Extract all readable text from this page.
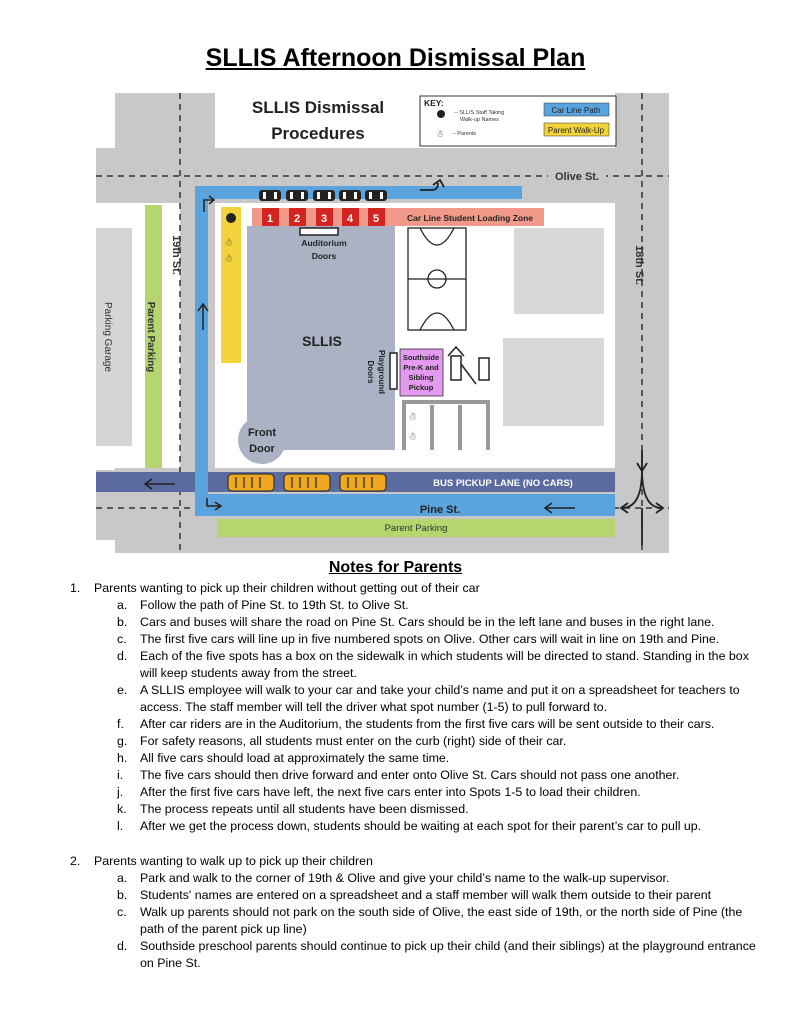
SLLIS Afternoon Dismissal Plan
Parking Garage	Parent Parking
Parent Parking
BUS PICKUP LANE (NO CARS)
Olive St.
19th St.	18th St.
Pine St.
SLLIS Dismissal
Procedures
KEY:
-- SLLIS Staff Taking
Walk-up Names
☃ -- Parents
Car Line Path
Parent Walk-Up
Car Line Student Loading Zone
1 2 3 4 5
Front
Door
SLLIS
Auditorium
Doors
Playground
Doors
☃
☃
Southside
Pre-K and
Sibling
Pickup
☃
☃
Notes for Parents
1. Parents wanting to pick up their children without getting out of their car
a. Follow the path of Pine St. to 19th St. to Olive St.
b. Cars and buses will share the road on Pine St. Cars should be in the left lane and buses in the right lane.
c. The first five cars will line up in five numbered spots on Olive. Other cars will wait in line on 19th and Pine.
d. Each of the five spots has a box on the sidewalk in which students will be directed to stand. Standing in the box will keep students away from the street.
e. A SLLIS employee will walk to your car and take your child’s name and put it on a spreadsheet for teachers to access. The staff member will tell the driver what spot number (1-5) to pull forward to.
f. After car riders are in the Auditorium, the students from the first five cars will be sent outside to their cars.
g. For safety reasons, all students must enter on the curb (right) side of their car.
h. All five cars should load at approximately the same time.
i. The five cars should then drive forward and enter onto Olive St. Cars should not pass one another.
j. After the first five cars have left, the next five cars enter into Spots 1-5 to load their children.
k. The process repeats until all students have been dismissed.
l. After we get the process down, students should be waiting at each spot for their parent’s car to pull up.
2. Parents wanting to walk up to pick up their children
a. Park and walk to the corner of 19th & Olive and give your child’s name to the walk-up supervisor.
b. Students' names are entered on a spreadsheet and a staff member will walk them outside to their parent
c. Walk up parents should not park on the south side of Olive, the east side of 19th, or the north side of Pine (the path of the parent pick up line)
d. Southside preschool parents should continue to pick up their child (and their siblings) at the playground entrance on Pine St.
